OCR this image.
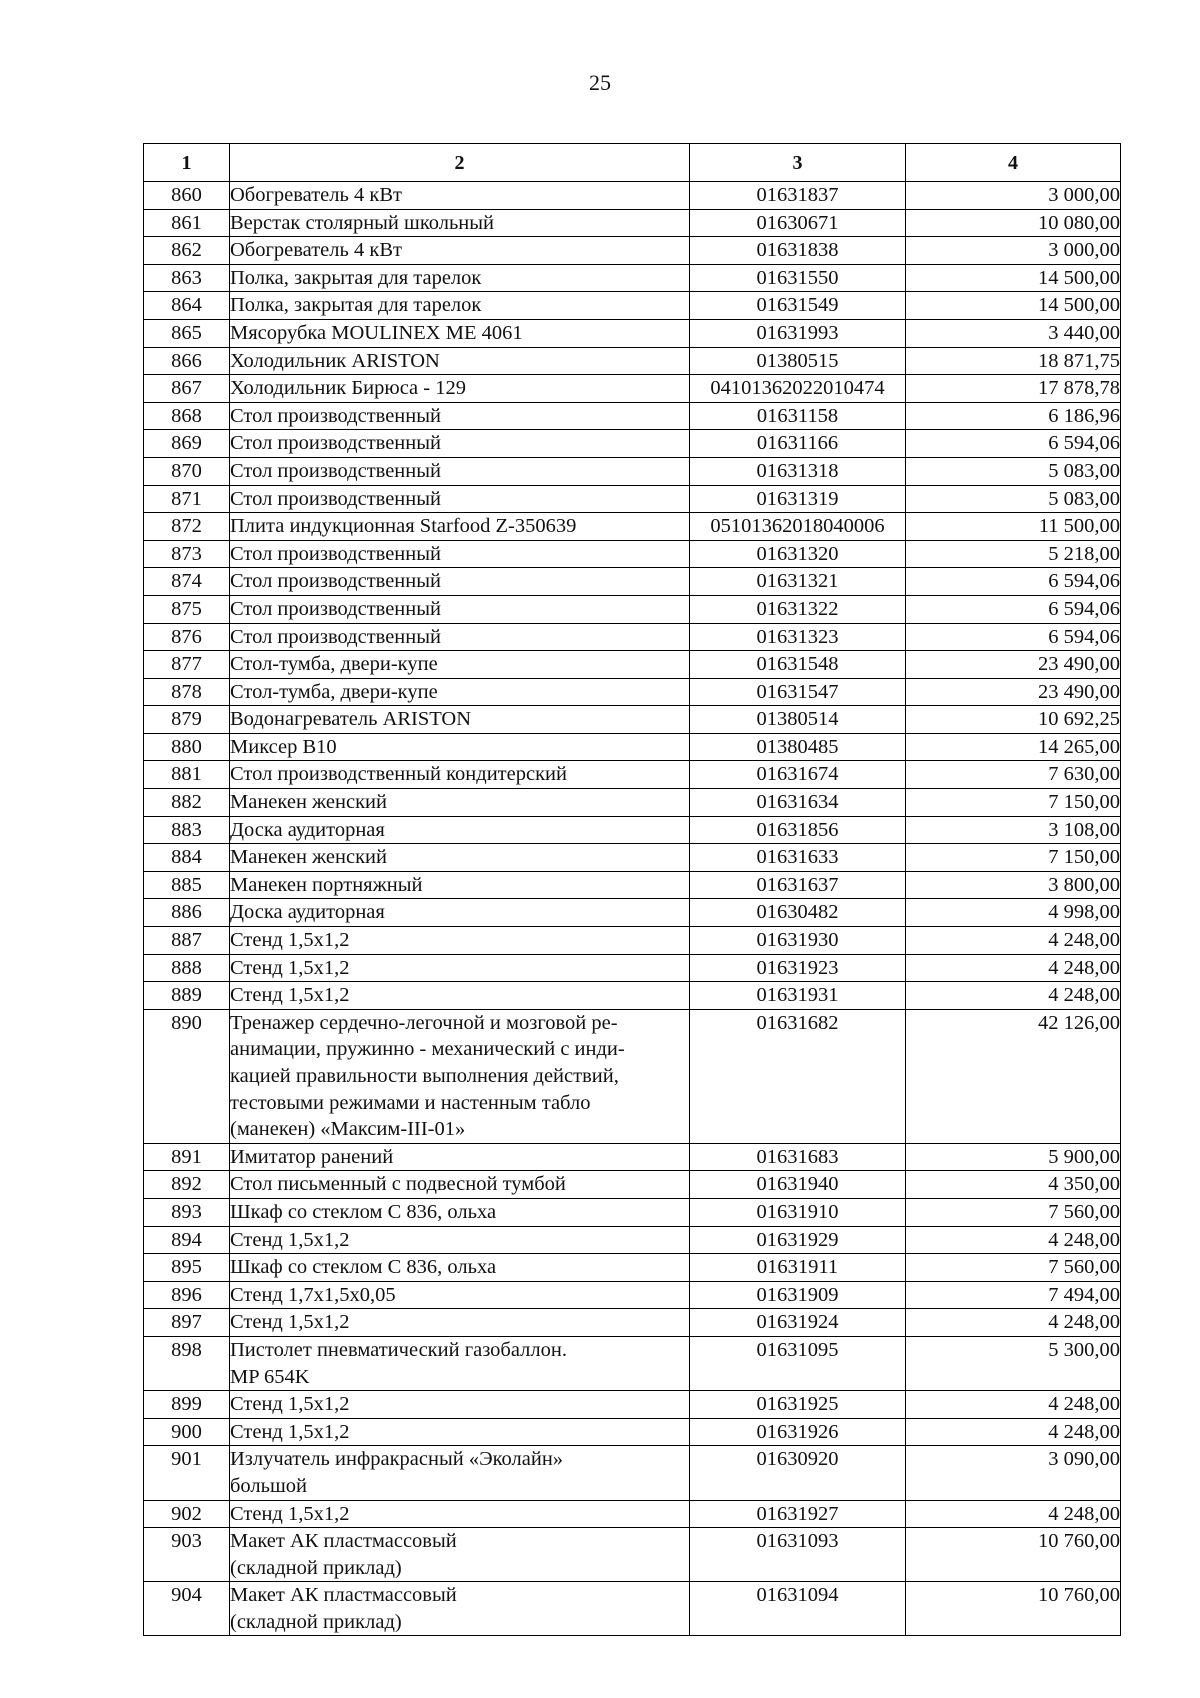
25
1	2	3	4
860	Обогреватель 4 кВт	01631837	3 000,00
861	Верстак столярный школьный	01630671	10 080,00
862	Обогреватель 4 кВт	01631838	3 000,00
863	Полка, закрытая для тарелок	01631550	14 500,00
864	Полка, закрытая для тарелок	01631549	14 500,00
865	Мясорубка MOULINEX ME 4061	01631993	3 440,00
866	Холодильник ARISTON	01380515	18 871,75
867	Холодильник Бирюса - 129	04101362022010474	17 878,78
868	Стол производственный	01631158	6 186,96
869	Стол производственный	01631166	6 594,06
870	Стол производственный	01631318	5 083,00
871	Стол производственный	01631319	5 083,00
872	Плита индукционная Starfood Z-350639	05101362018040006	11 500,00
873	Стол производственный	01631320	5 218,00
874	Стол производственный	01631321	6 594,06
875	Стол производственный	01631322	6 594,06
876	Стол производственный	01631323	6 594,06
877	Стол-тумба, двери-купе	01631548	23 490,00
878	Стол-тумба, двери-купе	01631547	23 490,00
879	Водонагреватель ARISTON	01380514	10 692,25
880	Миксер B10	01380485	14 265,00
881	Стол производственный кондитерский	01631674	7 630,00
882	Манекен женский	01631634	7 150,00
883	Доска аудиторная	01631856	3 108,00
884	Манекен женский	01631633	7 150,00
885	Манекен портняжный	01631637	3 800,00
886	Доска аудиторная	01630482	4 998,00
887	Стенд 1,5х1,2	01631930	4 248,00
888	Стенд 1,5х1,2	01631923	4 248,00
889	Стенд 1,5х1,2	01631931	4 248,00
890	Тренажер сердечно-легочной и мозговой ре-
анимации, пружинно - механический с инди-
кацией правильности выполнения действий,
тестовыми режимами и настенным табло
(манекен) «Максим-III-01»	01631682	42 126,00
891	Имитатор ранений	01631683	5 900,00
892	Стол письменный с подвесной тумбой	01631940	4 350,00
893	Шкаф со стеклом С 836, ольха	01631910	7 560,00
894	Стенд 1,5х1,2	01631929	4 248,00
895	Шкаф со стеклом С 836, ольха	01631911	7 560,00
896	Стенд 1,7х1,5х0,05	01631909	7 494,00
897	Стенд 1,5х1,2	01631924	4 248,00
898	Пистолет пневматический газобаллон.
MP 654K	01631095	5 300,00
899	Стенд 1,5х1,2	01631925	4 248,00
900	Стенд 1,5х1,2	01631926	4 248,00
901	Излучатель инфракрасный «Эколайн»
большой	01630920	3 090,00
902	Стенд 1,5х1,2	01631927	4 248,00
903	Макет АК пластмассовый
(складной приклад)	01631093	10 760,00
904	Макет АК пластмассовый
(складной приклад)	01631094	10 760,00
